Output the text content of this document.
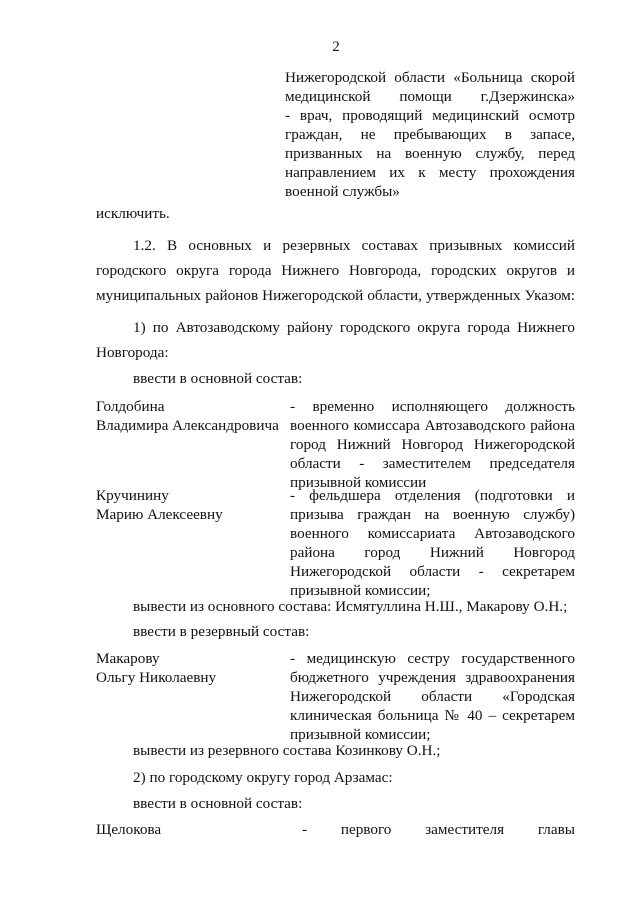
2
Нижегородской области «Больница скорой
медицинской помощи г.Дзержинска»
- врач, проводящий медицинский осмотр
граждан, не пребывающих в запасе,
призванных на военную службу, перед
направлением их к месту прохождения
военной службы»
исключить.
1.2. В основных и резервных составах призывных комиссий
городского округа города Нижнего Новгорода, городских округов и
муниципальных районов Нижегородской области, утвержденных Указом:
1) по Автозаводскому району городского округа города Нижнего
Новгорода:
ввести в основной состав:
Голдобина
Владимира Александровича
- временно исполняющего должность
военного комиссара Автозаводского района
город Нижний Новгород Нижегородской
области - заместителем председателя
призывной комиссии
Кручинину
Марию Алексеевну
- фельдшера отделения (подготовки и
призыва граждан на военную службу)
военного комиссариата Автозаводского
района город Нижний Новгород
Нижегородской области - секретарем
призывной комиссии;
вывести из основного состава: Исмятуллина Н.Ш., Макарову О.Н.;
ввести в резервный состав:
Макарову
Ольгу Николаевну
- медицинскую сестру государственного
бюджетного учреждения здравоохранения
Нижегородской области «Городская
клиническая больница № 40 – секретарем
призывной комиссии;
вывести из резервного состава Козинкову О.Н.;
2) по городскому округу город Арзамас:
ввести в основной состав:
Щелокова	- первого заместителя главы
